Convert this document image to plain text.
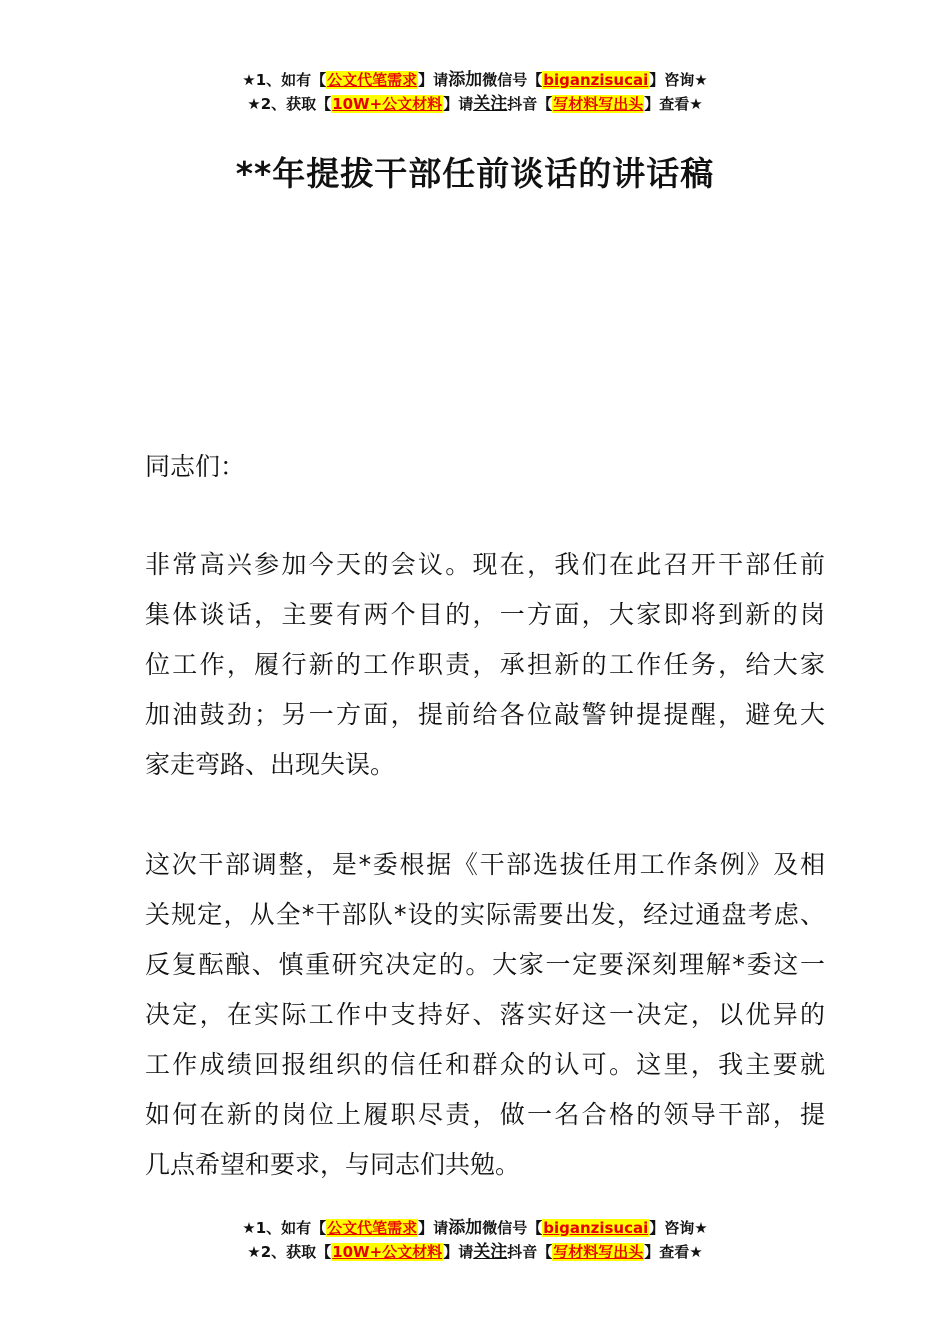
★1、如有【公文代笔需求】请添加微信号【biganzisucai】咨询★
★2、获取【10W+公文材料】请关注抖音【写材料写出头】查看★
**年提拔干部任前谈话的讲话稿
同志们：
非常高兴参加今天的会议。现在，我们在此召开干部任前
集体谈话，主要有两个目的，一方面，大家即将到新的岗
位工作，履行新的工作职责，承担新的工作任务，给大家
加油鼓劲；另一方面，提前给各位敲警钟提提醒，避免大
家走弯路、出现失误。
这次干部调整，是*委根据《干部选拔任用工作条例》及相
关规定，从全*干部队*设的实际需要出发，经过通盘考虑、
反复酝酿、慎重研究决定的。大家一定要深刻理解*委这一
决定，在实际工作中支持好、落实好这一决定，以优异的
工作成绩回报组织的信任和群众的认可。这里，我主要就
如何在新的岗位上履职尽责，做一名合格的领导干部，提
几点希望和要求，与同志们共勉。
★1、如有【公文代笔需求】请添加微信号【biganzisucai】咨询★
★2、获取【10W+公文材料】请关注抖音【写材料写出头】查看★
